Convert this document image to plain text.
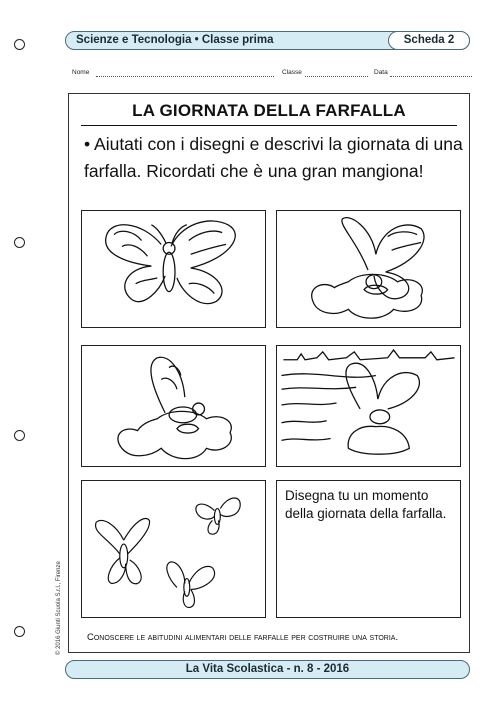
Scienze e Tecnologia • Classe prima	Scheda 2
Nome	Classe	Data
LA GIORNATA DELLA FARFALLA
• Aiutati con i disegni e descrivi la giornata di una farfalla. Ricordati che è una gran mangiona!
Disegna tu un momento della giornata della farfalla.
Conoscere le abitudini alimentari delle farfalle per costruire una storia.
© 2016 Giunti Scuola S.r.l., Firenze
La Vita Scolastica - n. 8 - 2016
